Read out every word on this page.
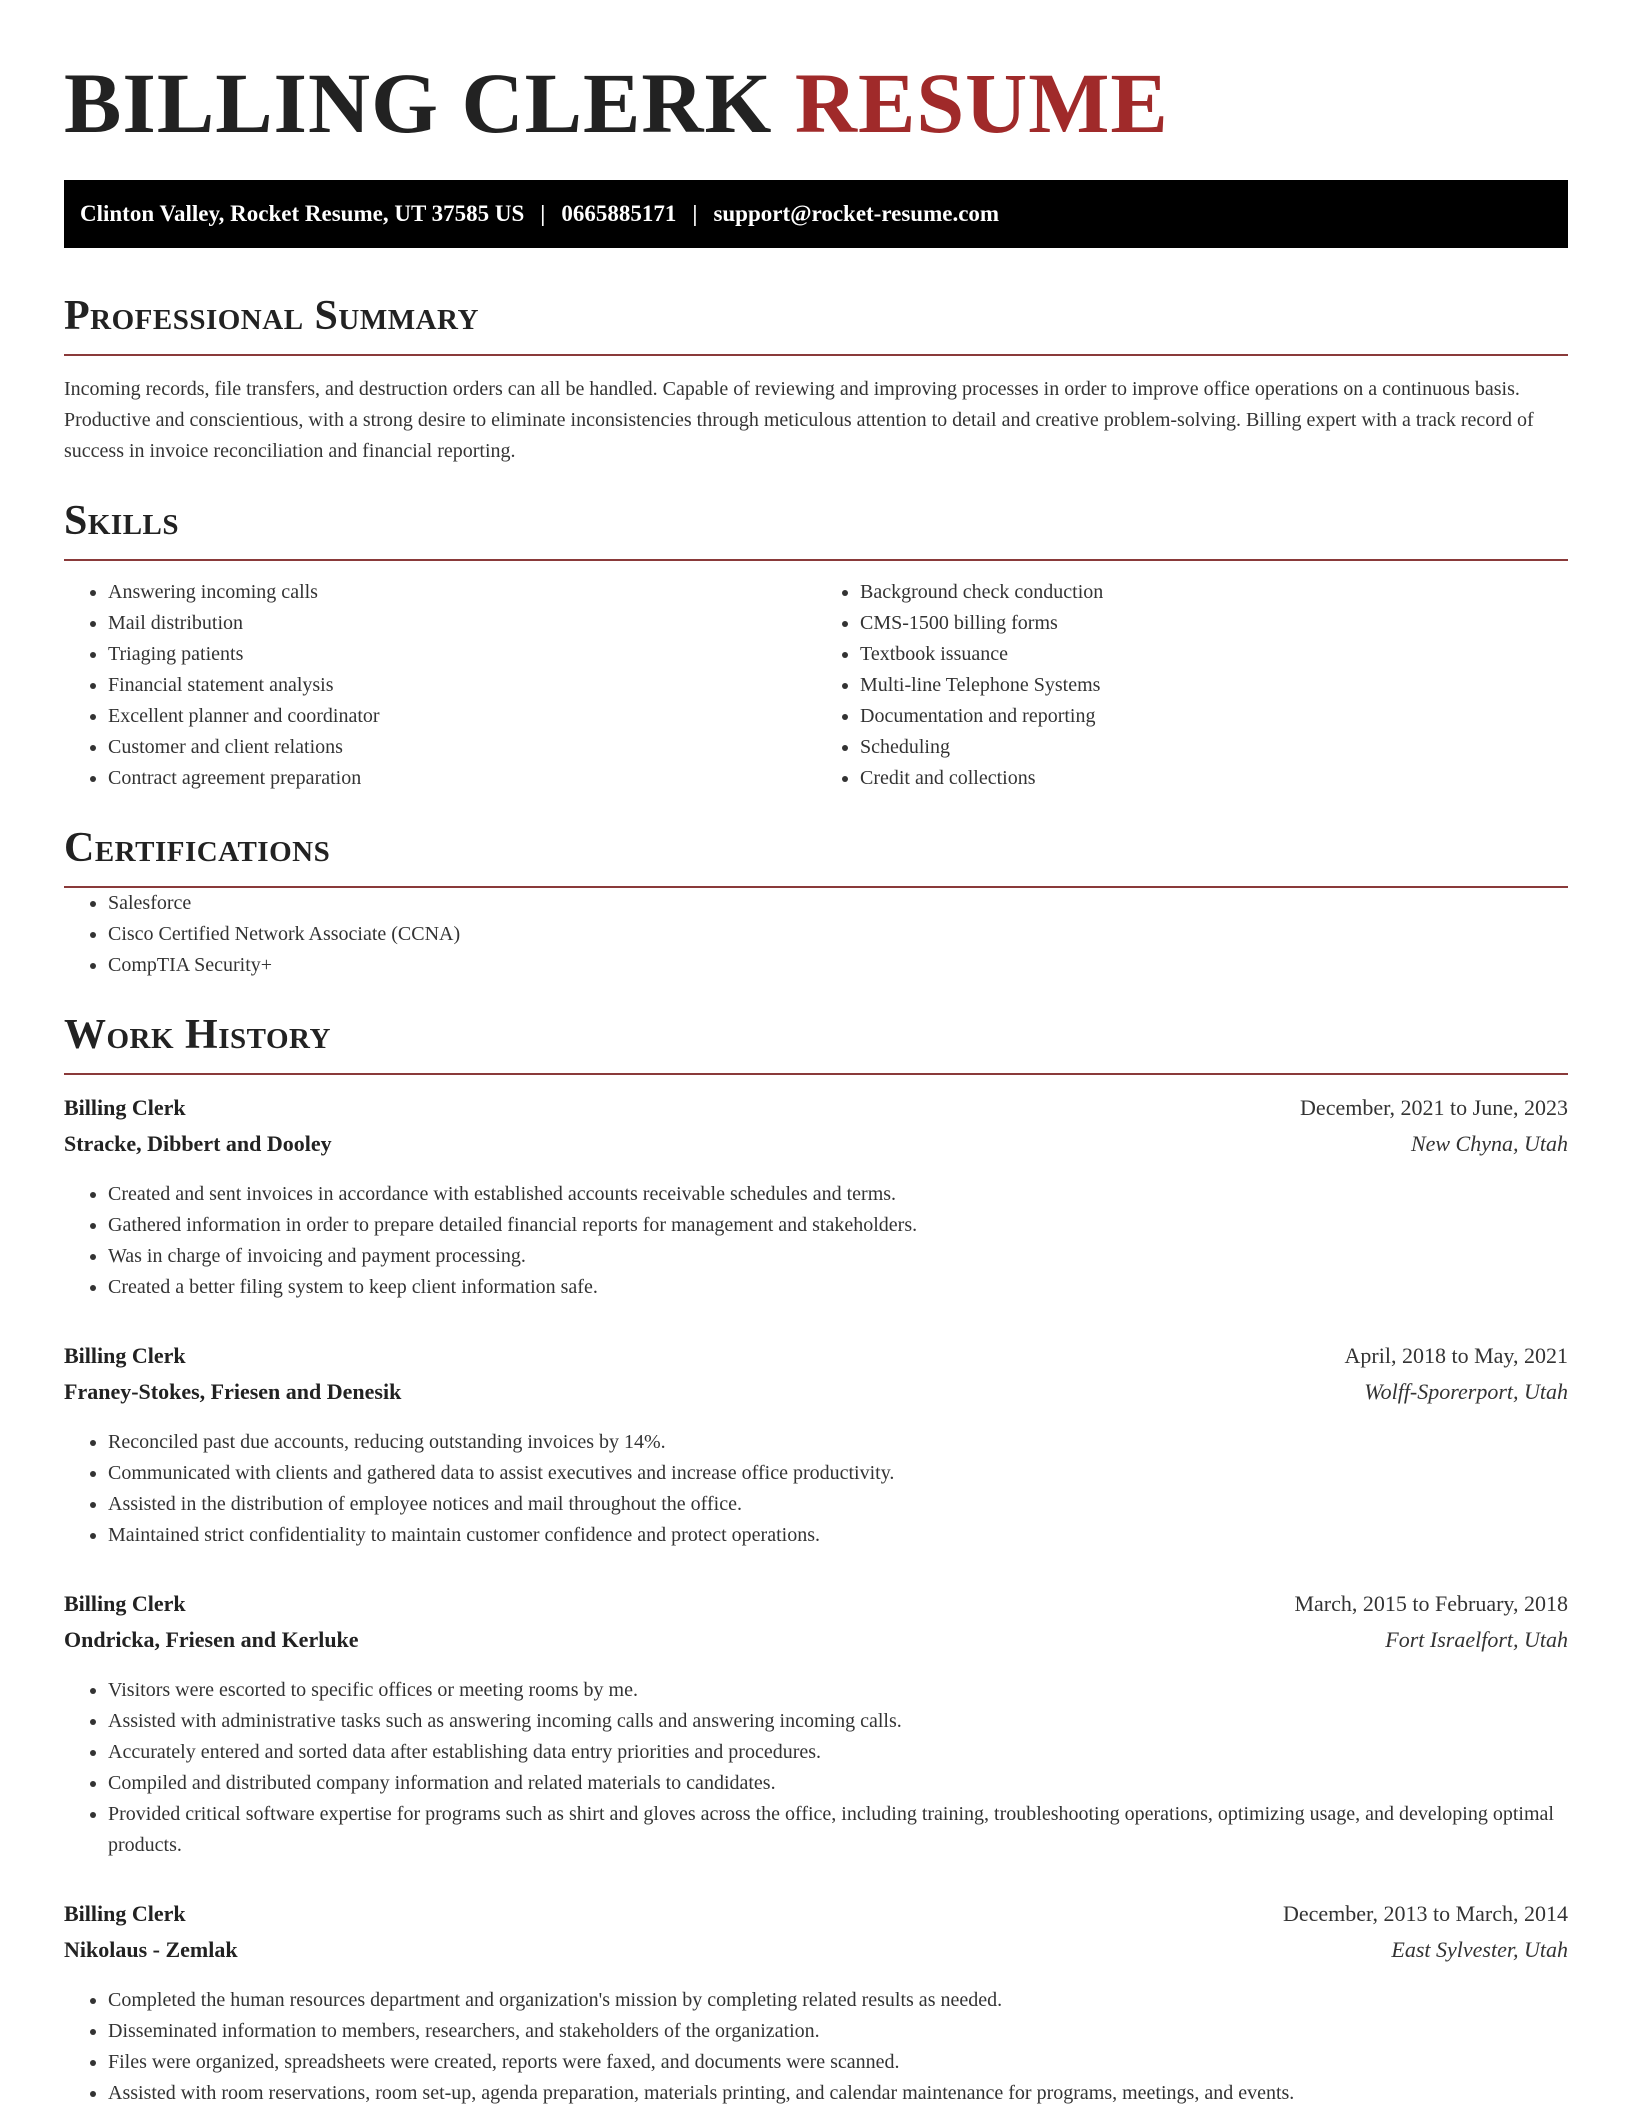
BILLING CLERK RESUME
Clinton Valley, Rocket Resume, UT 37585 US | 0665885171 | support@rocket-resume.com
Professional Summary

Incoming records, file transfers, and destruction orders can all be handled. Capable of reviewing and improving processes in order to improve office operations on a continuous basis. Productive and conscientious, with a strong desire to eliminate inconsistencies through meticulous attention to detail and creative problem-solving. Billing expert with a track record of success in invoice reconciliation and financial reporting.

Skills
• Answering incoming calls
• Mail distribution
• Triaging patients
• Financial statement analysis
• Excellent planner and coordinator
• Customer and client relations
• Contract agreement preparation
• Background check conduction
• CMS-1500 billing forms
• Textbook issuance
• Multi-line Telephone Systems
• Documentation and reporting
• Scheduling
• Credit and collections
Certifications
• Salesforce
• Cisco Certified Network Associate (CCNA)
• CompTIA Security+
Work History
Billing Clerk	December, 2021 to June, 2023
Stracke, Dibbert and Dooley	New Chyna, Utah
• Created and sent invoices in accordance with established accounts receivable schedules and terms.
• Gathered information in order to prepare detailed financial reports for management and stakeholders.
• Was in charge of invoicing and payment processing.
• Created a better filing system to keep client information safe.
Billing Clerk	April, 2018 to May, 2021
Franey-Stokes, Friesen and Denesik	Wolff-Sporerport, Utah
• Reconciled past due accounts, reducing outstanding invoices by 14%.
• Communicated with clients and gathered data to assist executives and increase office productivity.
• Assisted in the distribution of employee notices and mail throughout the office.
• Maintained strict confidentiality to maintain customer confidence and protect operations.
Billing Clerk	March, 2015 to February, 2018
Ondricka, Friesen and Kerluke	Fort Israelfort, Utah
• Visitors were escorted to specific offices or meeting rooms by me.
• Assisted with administrative tasks such as answering incoming calls and answering incoming calls.
• Accurately entered and sorted data after establishing data entry priorities and procedures.
• Compiled and distributed company information and related materials to candidates.
• Provided critical software expertise for programs such as shirt and gloves across the office, including training, troubleshooting operations, optimizing usage, and developing optimal products.
Billing Clerk	December, 2013 to March, 2014
Nikolaus - Zemlak	East Sylvester, Utah
• Completed the human resources department and organization's mission by completing related results as needed.
• Disseminated information to members, researchers, and stakeholders of the organization.
• Files were organized, spreadsheets were created, reports were faxed, and documents were scanned.
• Assisted with room reservations, room set-up, agenda preparation, materials printing, and calendar maintenance for programs, meetings, and events.
